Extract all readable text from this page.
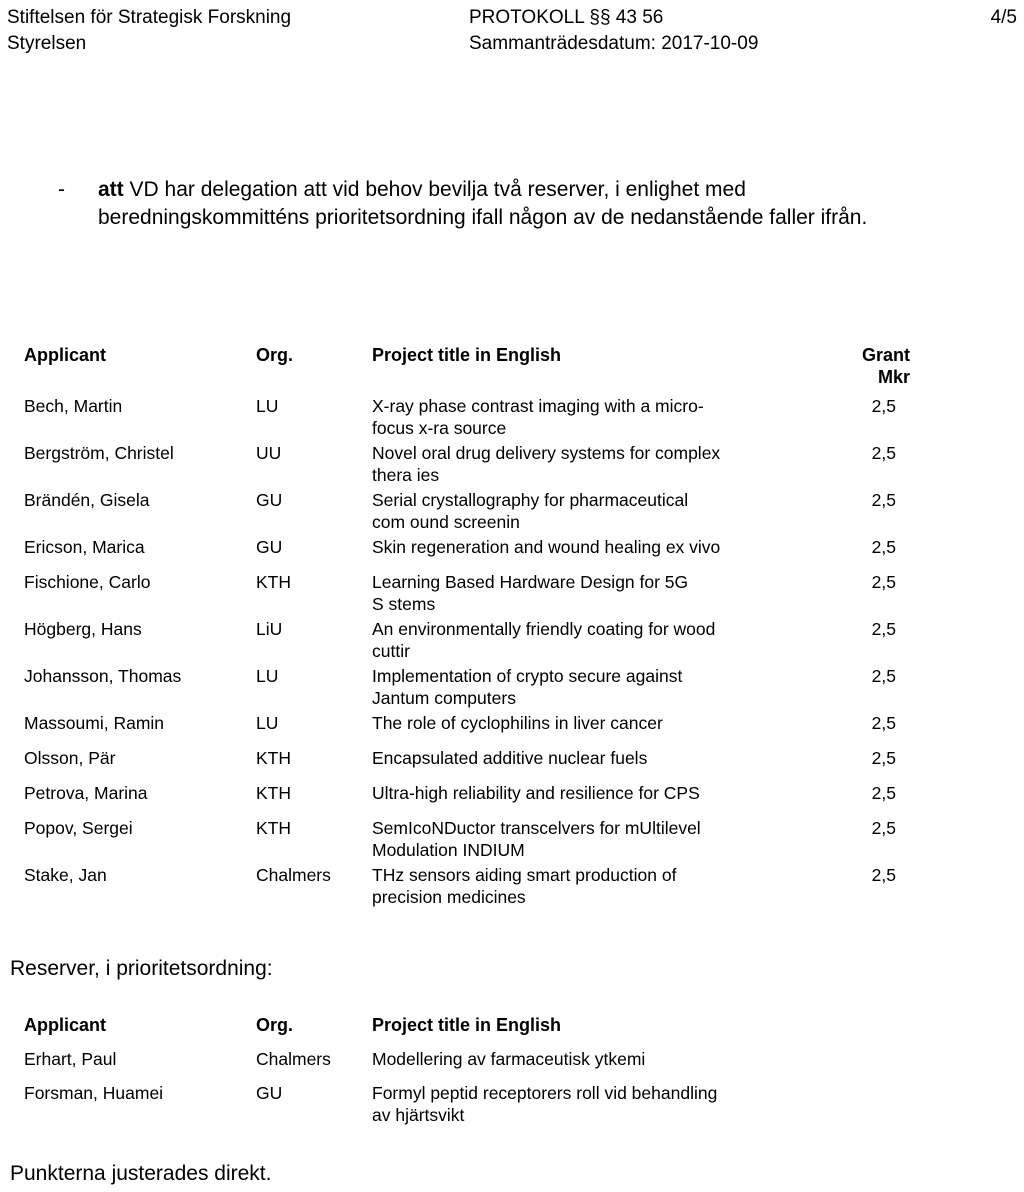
Stiftelsen för Strategisk Forskning
Styrelsen
PROTOKOLL §§ 43 56
Sammanträdesdatum: 2017-10-09
4/5
- att VD har delegation att vid behov bevilja två reserver, i enlighet med beredningskommitténs prioritetsordning ifall någon av de nedanstående faller ifrån.
Applicant	Org.	Project title in English	Grant
Mkr

Bech, Martin	LU	X-ray phase contrast imaging with a micro-
focus x-ra source	2,5
Bergström, Christel	UU	Novel oral drug delivery systems for complex
thera ies	2,5
Brändén, Gisela	GU	Serial crystallography for pharmaceutical
com ound screenin	2,5
Ericson, Marica	GU	Skin regeneration and wound healing ex vivo	2,5
Fischione, Carlo	KTH	Learning Based Hardware Design for 5G
S stems	2,5
Högberg, Hans	LiU	An environmentally friendly coating for wood
cuttir	2,5
Johansson, Thomas	LU	Implementation of crypto secure against
Jantum computers	2,5
Massoumi, Ramin	LU	The role of cyclophilins in liver cancer	2,5
Olsson, Pär	KTH	Encapsulated additive nuclear fuels	2,5
Petrova, Marina	KTH	Ultra-high reliability and resilience for CPS	2,5
Popov, Sergei	KTH	SemIcoNDuctor transcelvers for mUltilevel
Modulation INDIUM	2,5
Stake, Jan	Chalmers	THz sensors aiding smart production of
precision medicines	2,5
Reserver, i prioritetsordning:
Applicant	Org.	Project title in English
Erhart, Paul	Chalmers	Modellering av farmaceutisk ytkemi

Forsman, Huamei	GU	Formyl peptid receptorers roll vid behandling
av hjärtsvikt
Punkterna justerades direkt.
